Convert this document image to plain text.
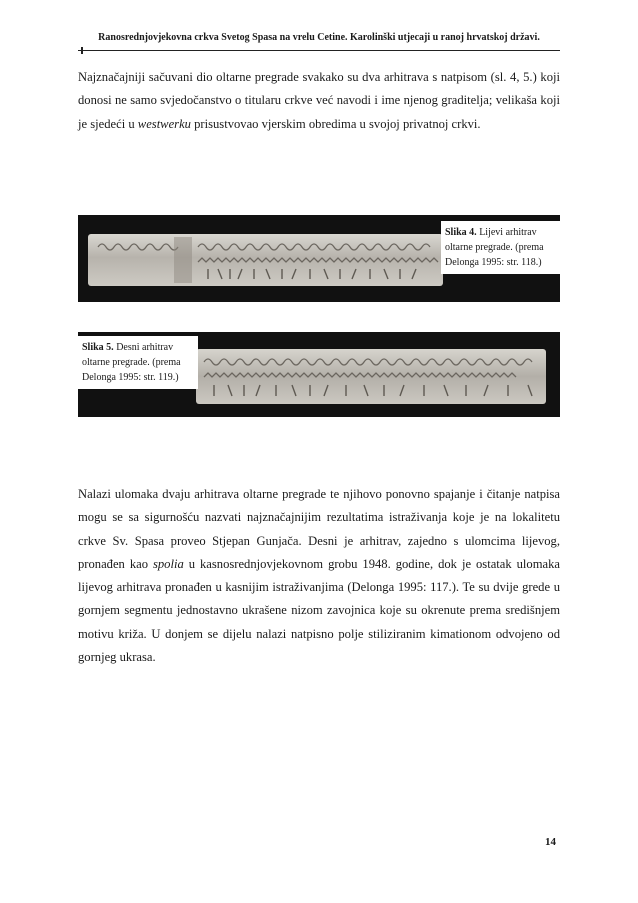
Ranosrednjovjekovna crkva Svetog Spasa na vrelu Cetine. Karolinški utjecaji u ranoj hrvatskoj državi.

Najznačajniji sačuvani dio oltarne pregrade svakako su dva arhitrava s natpisom (sl. 4, 5.) koji donosi ne samo svjedočanstvo o titularu crkve već navodi i ime njenog graditelja; velikaša koji je sjedeći u westwerku prisustvovao vjerskim obredima u svojoj privatnoj crkvi.

Slika 4. Lijevi arhitrav oltarne pregrade. (prema Delonga 1995: str. 118.)
Slika 5. Desni arhitrav oltarne pregrade. (prema Delonga 1995: str. 119.)

Nalazi ulomaka dvaju arhitrava oltarne pregrade te njihovo ponovno spajanje i čitanje natpisa mogu se sa sigurnošću nazvati najznačajnijim rezultatima istraživanja koje je na lokalitetu crkve Sv. Spasa proveo Stjepan Gunjača. Desni je arhitrav, zajedno s ulomcima lijevog, pronađen kao spolia u kasnosrednjovjekovnom grobu 1948. godine, dok je ostatak ulomaka lijevog arhitrava pronađen u kasnijim istraživanjima (Delonga 1995: 117.). Te su dvije grede u gornjem segmentu jednostavno ukrašene nizom zavojnica koje su okrenute prema središnjem motivu križa. U donjem se dijelu nalazi natpisno polje stiliziranim kimationom odvojeno od gornjeg ukrasa.

14
